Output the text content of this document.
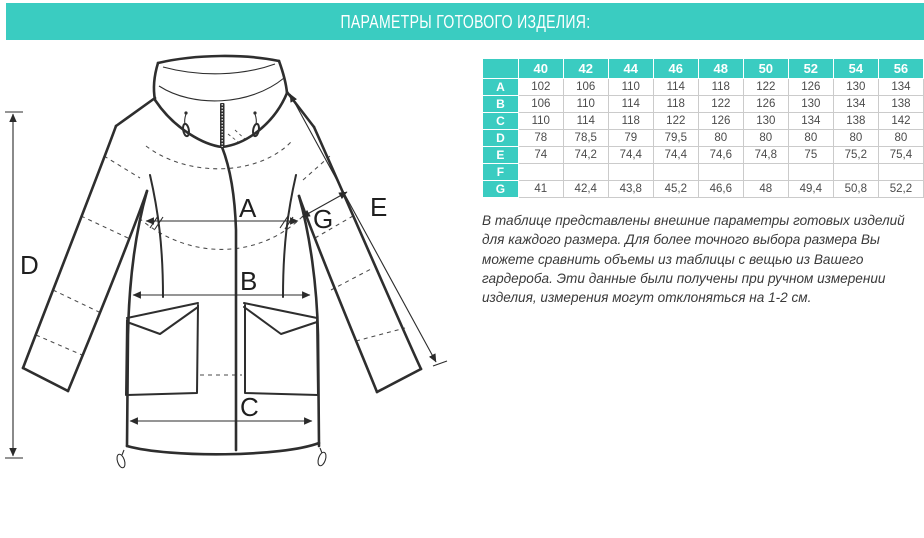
ПАРАМЕТРЫ ГОТОВОГО ИЗДЕЛИЯ:
D
A
B
C
E
G
	40	42	44	46	48	50	52	54	56
A	102	106	110	114	118	122	126	130	134
B	106	110	114	118	122	126	130	134	138
C	110	114	118	122	126	130	134	138	142
D	78	78,5	79	79,5	80	80	80	80	80
E	74	74,2	74,4	74,4	74,6	74,8	75	75,2	75,4
F									
G	41	42,4	43,8	45,2	46,6	48	49,4	50,8	52,2

В таблице представлены внешние параметры готовых изделий для каждого размера. Для более точного выбора размера Вы можете сравнить объемы из таблицы с вещью из Вашего гардероба. Эти данные были получены при ручном измерении изделия, измерения могут отклоняться на 1-2 см.
